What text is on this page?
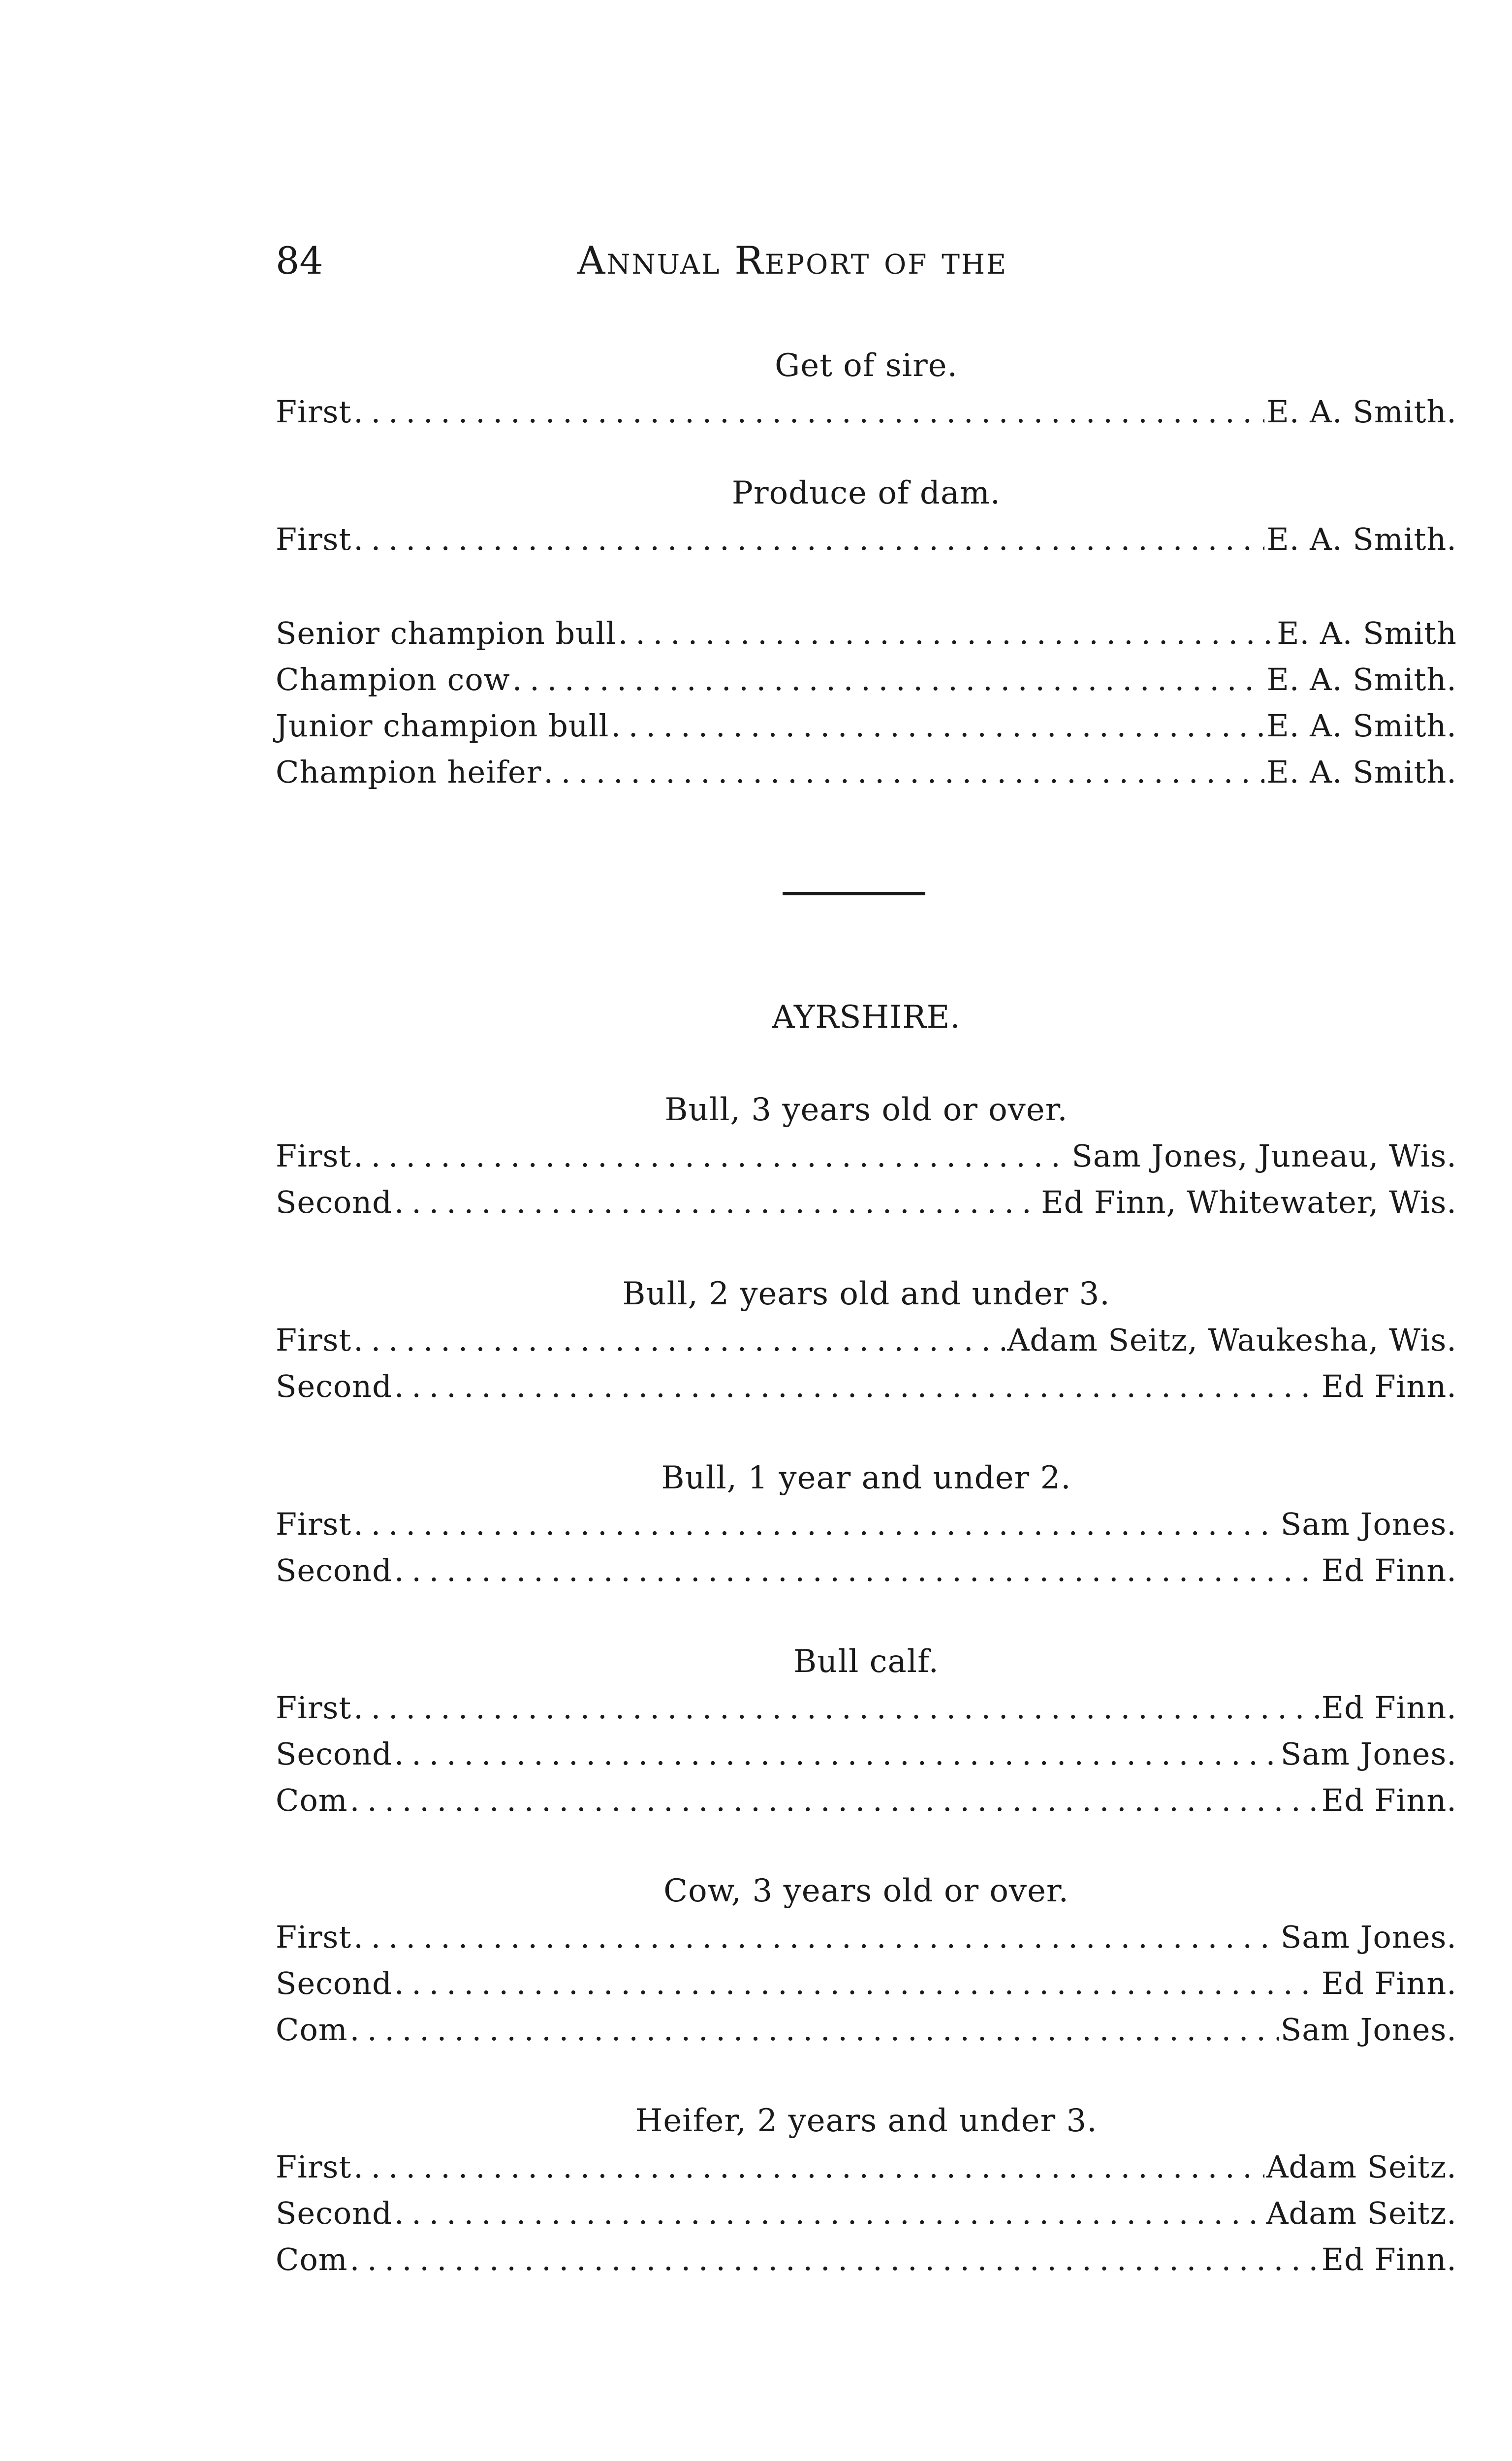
84	Annual Report of the
Get of sire.
First . . .	E. A. Smith.
Produce of dam.
First . . .	E. A. Smith.
Senior champion bull . . .	E. A. Smith
Champion cow . . .	E. A. Smith.
Junior champion bull . . .	E. A. Smith.
Champion heifer . . .	E. A. Smith.
AYRSHIRE.
Bull, 3 years old or over.
First . . .	Sam Jones, Juneau, Wis.
Second . . .	Ed Finn, Whitewater, Wis.
Bull, 2 years old and under 3.
First . . .	Adam Seitz, Waukesha, Wis.
Second . . .	Ed Finn.
Bull, 1 year and under 2.
First . . .	Sam Jones.
Second . . .	Ed Finn.
Bull calf.
First . . .	Ed Finn.
Second . . .	Sam Jones.
Com . . .	Ed Finn.
Cow, 3 years old or over.
First . . .	Sam Jones.
Second . . .	Ed Finn.
Com . . .	Sam Jones.
Heifer, 2 years and under 3.
First . . .	Adam Seitz.
Second . . .	Adam Seitz.
Com . . .	Ed Finn.
